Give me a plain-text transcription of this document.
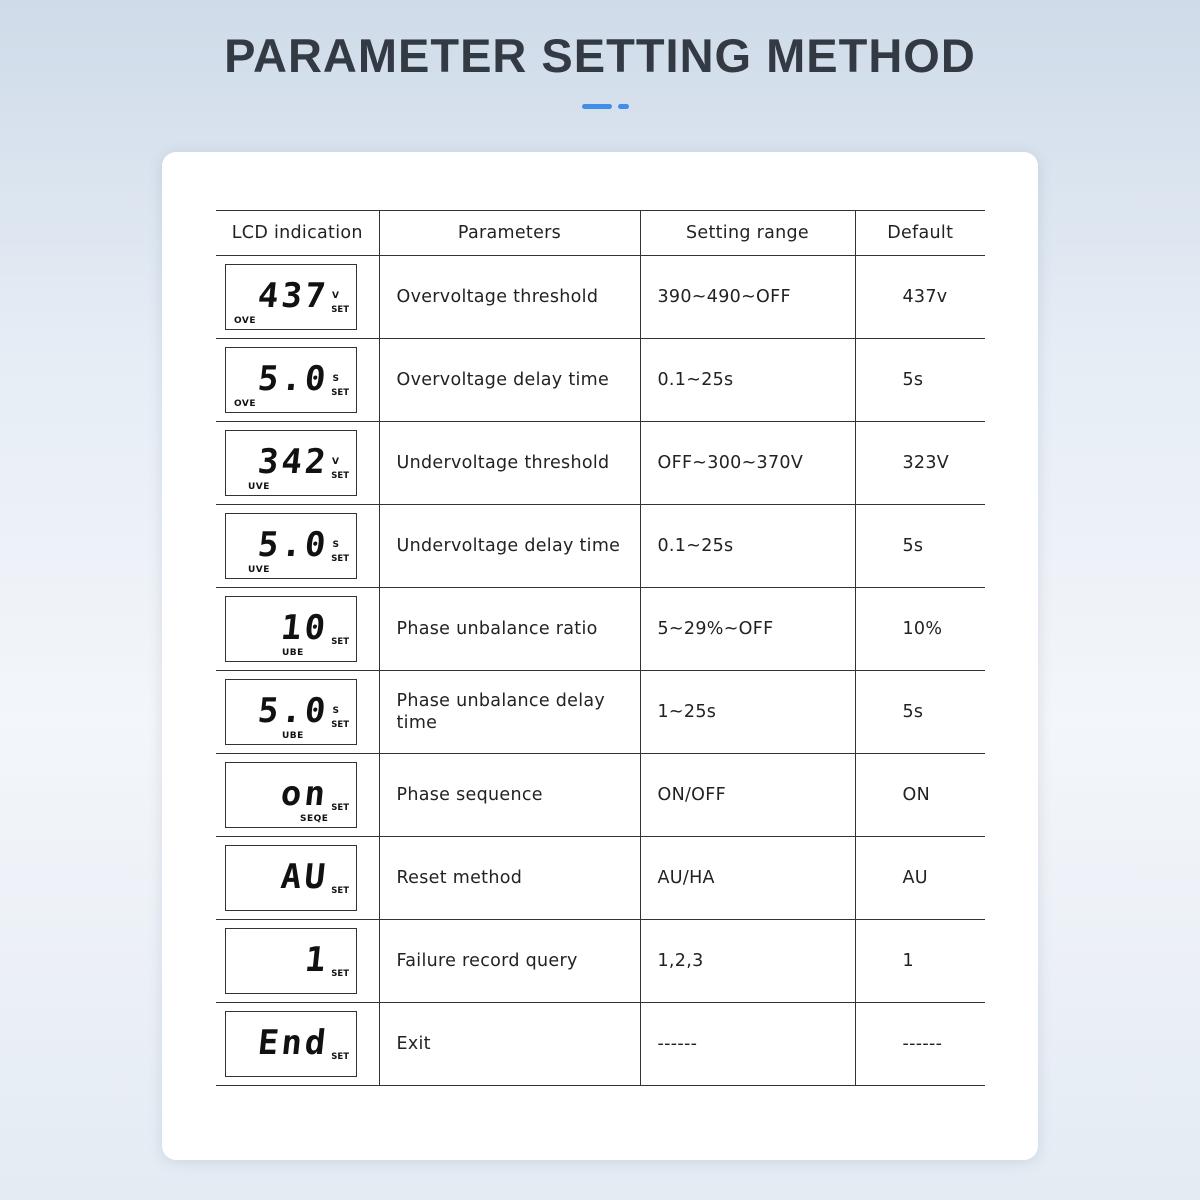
PARAMETER SETTING METHOD
LCD indication	Parameters	Setting range	Default

437 V
SET
OVE	Overvoltage threshold	390~490~OFF	437v

5.0 S
SET
OVE	Overvoltage delay time	0.1~25s	5s

342 V
SET
UVE	Undervoltage threshold	OFF~300~370V	323V

5.0 S
SET
UVE	Undervoltage delay time	0.1~25s	5s

10 SET
UBE	Phase unbalance ratio	5~29%~OFF	10%

5.0 S
SET
UBE	Phase unbalance delay time	1~25s	5s

on SET
SEQE	Phase sequence	ON/OFF	ON

AU SET	Reset method	AU/HA	AU

1 SET	Failure record query	1,2,3	1

End SET	Exit	------	------
